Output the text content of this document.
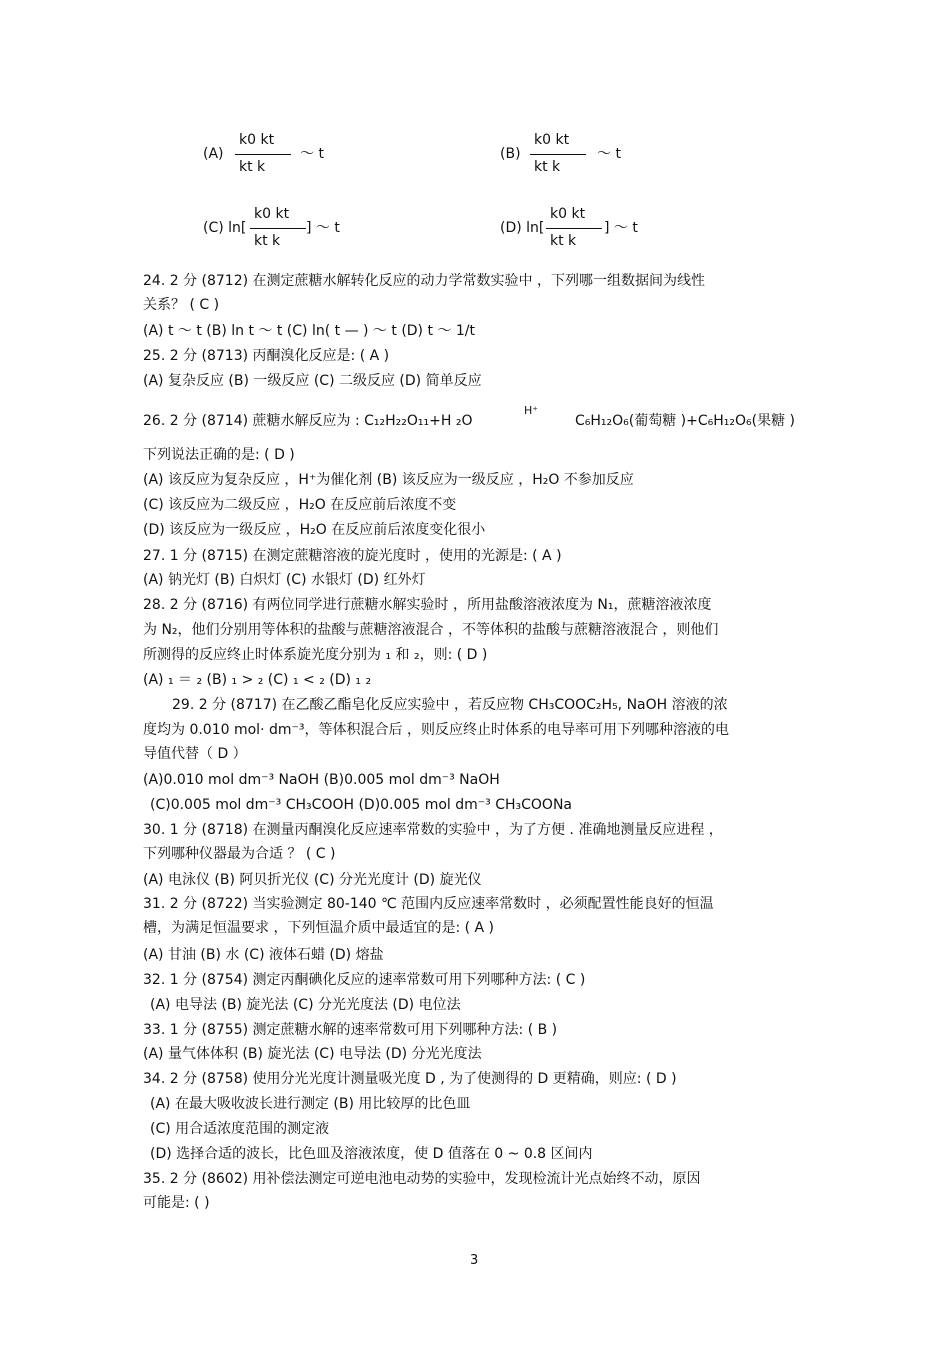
(A)
k0 kt
kt k
～ t	(B)
k0 kt
kt k
～ t
(C) ln[
k0 kt
kt k
] ～ t	(D) ln[
k0 kt
kt k
] ～ t
24. 2 分 (8712) 在测定蔗糖水解转化反应的动力学常数实验中 ，下列哪一组数据间为线性
关系？ ( C )
(A) t ～ t (B) ln t ～ t (C) ln( t — ) ～ t (D) t ～ 1/t
25. 2 分 (8713) 丙酮溴化反应是: ( A )
(A) 复杂反应 (B) 一级反应 (C) 二级反应 (D) 简单反应
26. 2 分 (8714) 蔗糖水解反应为 : C₁₂H₂₂O₁₁+H ₂O
H⁺
C₆H₁₂O₆(葡萄糖 )+C₆H₁₂O₆(果糖 )
下列说法正确的是: ( D )
(A) 该反应为复杂反应 ，H⁺为催化剂 (B) 该反应为一级反应 ，H₂O 不参加反应
(C) 该反应为二级反应 ，H₂O 在反应前后浓度不变
(D) 该反应为一级反应 ，H₂O 在反应前后浓度变化很小
27. 1 分 (8715) 在测定蔗糖溶液的旋光度时 ，使用的光源是: ( A )
(A) 钠光灯 (B) 白炽灯 (C) 水银灯 (D) 红外灯
28. 2 分 (8716) 有两位同学进行蔗糖水解实验时 ，所用盐酸溶液浓度为 N₁，蔗糖溶液浓度
为 N₂，他们分别用等体积的盐酸与蔗糖溶液混合 ，不等体积的盐酸与蔗糖溶液混合 ，则他们
所测得的反应终止时体系旋光度分别为 ₁ 和 ₂，则: ( D )
(A) ₁ ＝ ₂ (B) ₁ > ₂ (C) ₁ < ₂ (D) ₁ ₂
29. 2 分 (8717) 在乙酸乙酯皂化反应实验中 ，若反应物 CH₃COOC₂H₅, NaOH 溶液的浓
度均为 0.010 mol· dm⁻³，等体积混合后 ，则反应终止时体系的电导率可用下列哪种溶液的电
导值代替（ D ）
(A)0.010 mol dm⁻³ NaOH (B)0.005 mol dm⁻³ NaOH
(C)0.005 mol dm⁻³ CH₃COOH (D)0.005 mol dm⁻³ CH₃COONa
30. 1 分 (8718) 在测量丙酮溴化反应速率常数的实验中 ，为了方便 . 准确地测量反应进程 ，
下列哪种仪器最为合适 ？ ( C )
(A) 电泳仪 (B) 阿贝折光仪 (C) 分光光度计 (D) 旋光仪
31. 2 分 (8722) 当实验测定 80-140 ℃ 范围内反应速率常数时 ，必须配置性能良好的恒温
槽，为满足恒温要求 ，下列恒温介质中最适宜的是: ( A )
(A) 甘油 (B) 水 (C) 液体石蜡 (D) 熔盐
32. 1 分 (8754) 测定丙酮碘化反应的速率常数可用下列哪种方法: ( C )
(A) 电导法 (B) 旋光法 (C) 分光光度法 (D) 电位法
33. 1 分 (8755) 测定蔗糖水解的速率常数可用下列哪种方法: ( B )
(A) 量气体体积 (B) 旋光法 (C) 电导法 (D) 分光光度法
34. 2 分 (8758) 使用分光光度计测量吸光度 D , 为了使测得的 D 更精确，则应: ( D )
(A) 在最大吸收波长进行测定 (B) 用比较厚的比色皿
(C) 用合适浓度范围的测定液
(D) 选择合适的波长，比色皿及溶液浓度，使 D 值落在 0 ~ 0.8 区间内
35. 2 分 (8602) 用补偿法测定可逆电池电动势的实验中，发现检流计光点始终不动，原因
可能是: ( )
3
